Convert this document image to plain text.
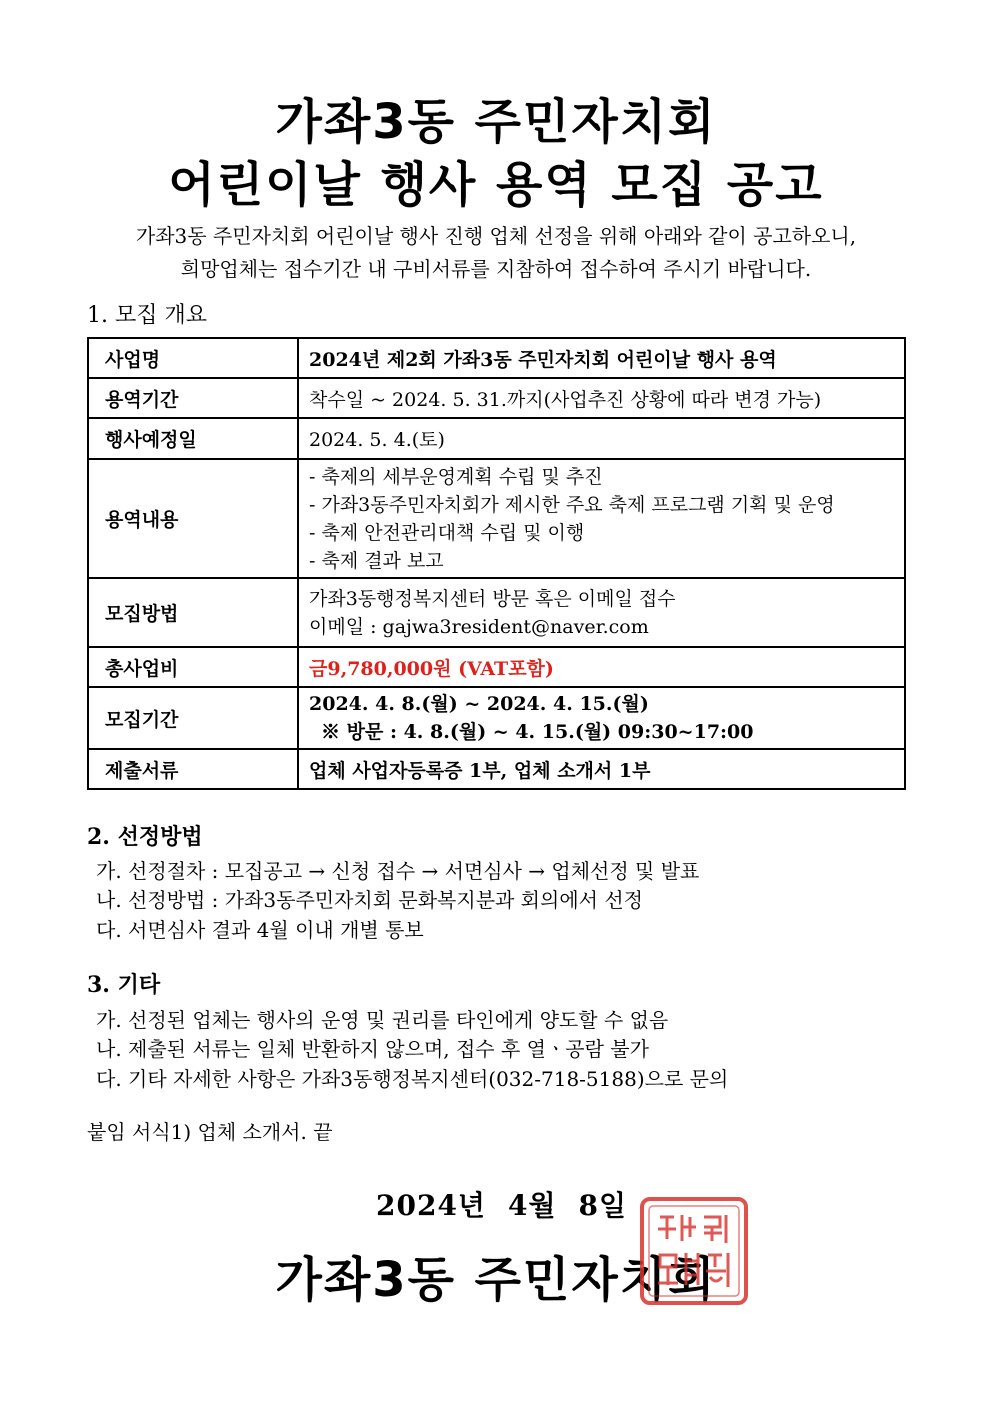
가좌3동 주민자치회
어린이날 행사 용역 모집 공고
가좌3동 주민자치회 어린이날 행사 진행 업체 선정을 위해 아래와 같이 공고하오니,
희망업체는 접수기간 내 구비서류를 지참하여 접수하여 주시기 바랍니다.
1. 모집 개요
사업명	2024년 제2회 가좌3동 주민자치회 어린이날 행사 용역
용역기간	착수일 ~ 2024. 5. 31.까지(사업추진 상황에 따라 변경 가능)
행사예정일	2024. 5. 4.(토)
용역내용	- 축제의 세부운영계획 수립 및 추진
- 가좌3동주민자치회가 제시한 주요 축제 프로그램 기획 및 운영
- 축제 안전관리대책 수립 및 이행
- 축제 결과 보고

모집방법	가좌3동행정복지센터 방문 혹은 이메일 접수
이메일 : gajwa3resident@naver.com

총사업비	금9,780,000원 (VAT포함)
모집기간	2024. 4. 8.(월) ~ 2024. 4. 15.(월)
※ 방문 : 4. 8.(월) ~ 4. 15.(월) 09:30~17:00

제출서류	업체 사업자등록증 1부, 업체 소개서 1부
2. 선정방법
가. 선정절차 : 모집공고 → 신청 접수 → 서면심사 → 업체선정 및 발표
나. 선정방법 : 가좌3동주민자치회 문화복지분과 회의에서 선정
다. 서면심사 결과 4월 이내 개별 통보
3. 기타
가. 선정된 업체는 행사의 운영 및 권리를 타인에게 양도할 수 없음
나. 제출된 서류는 일체 반환하지 않으며, 접수 후 열ㆍ공람 불가
다. 기타 자세한 사항은 가좌3동행정복지센터(032-718-5188)으로 문의
붙임 서식1) 업체 소개서. 끝
2024년 4월 8일
가좌3동 주민자치회
